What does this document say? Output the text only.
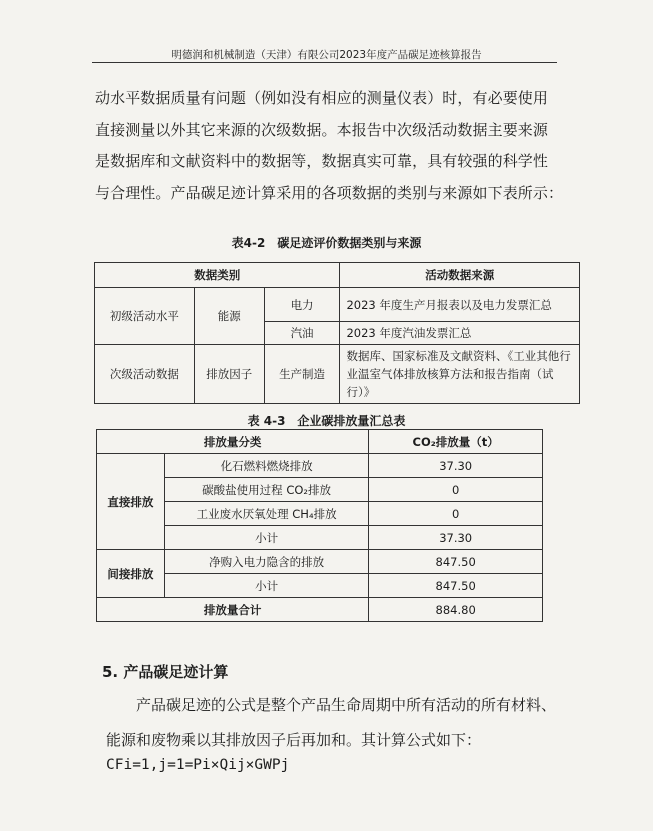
明德润和机械制造（天津）有限公司2023年度产品碳足迹核算报告
动水平数据质量有问题（例如没有相应的测量仪表）时，有必要使用
直接测量以外其它来源的次级数据。本报告中次级活动数据主要来源
是数据库和文献资料中的数据等，数据真实可靠，具有较强的科学性
与合理性。产品碳足迹计算采用的各项数据的类别与来源如下表所示：
表4-2　碳足迹评价数据类别与来源
数据类别			活动数据来源
初级活动水平	能源	电力	2023 年度生产月报表以及电力发票汇总
		汽油	2023 年度汽油发票汇总
次级活动数据	排放因子	生产制造	数据库、国家标准及文献资料、《工业其他行业温室气体排放核算方法和报告指南（试行）》
表 4-3　企业碳排放量汇总表
排放量分类		CO₂排放量（t）
直接排放	化石燃料燃烧排放	37.30
	碳酸盐使用过程 CO₂排放	0
	工业废水厌氧处理 CH₄排放	0
	小计	37.30
间接排放	净购入电力隐含的排放	847.50
	小计	847.50
排放量合计		884.80
5. 产品碳足迹计算
　　产品碳足迹的公式是整个产品生命周期中所有活动的所有材料、
能源和废物乘以其排放因子后再加和。其计算公式如下：
CFi=1,j=1=Pi×Qij×GWPj
